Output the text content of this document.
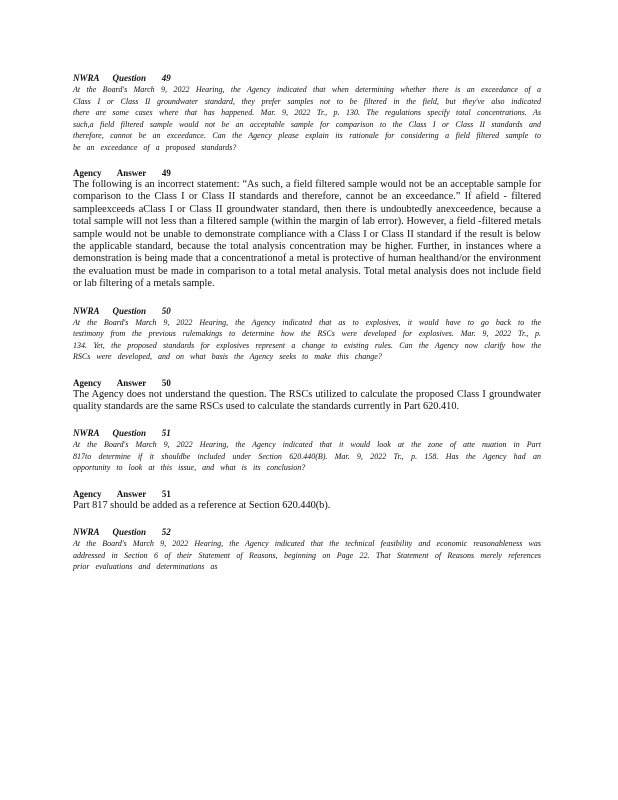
NWRA      Question       49

At the Board's March 9, 2022 Hearing, the Agency indicated that when determining whether there is an exceedance of a Class I or Class II groundwater standard, they prefer samples not to be filtered in the field, but they've also indicated there are some cases where that has happened. Mar. 9, 2022 Tr., p. 130. The regulations specify total concentrations. As such,a field filtered sample would not be an acceptable sample for comparison to the Class I or Class II standards and therefore, cannot be an exceedance. Can the Agency please explain its rationale for considering a field filtered sample to be an exceedance of a proposed standards?

Agency       Answer       49

The following is an incorrect statement: “As such, a field filtered sample would not be an acceptable sample for comparison to the Class I or Class II standards and therefore, cannot be an exceedance.” If afield - filtered sampleexceeds aClass I or Class II groundwater standard, then there is undoubtedly anexceedence, because a total sample will not less than a filtered sample (within the margin of lab error). However, a field -filtered metals sample would not be unable to demonstrate compliance with a Class I or Class II standard if the result is below the applicable standard, because the total analysis concentration may be higher. Further, in instances where a demonstration is being made that a concentrationof a metal is protective of human healthand/or the environment the evaluation must be made in comparison to a total metal analysis. Total metal analysis does not include field or lab filtering of a metals sample.

NWRA      Question       50

At the Board's March 9, 2022 Hearing, the Agency indicated that as to explosives, it would have to go back to the testimony from the previous rulemakings to determine how the RSCs were developed for explosives. Mar. 9, 2022 Tr., p. 134. Yet, the proposed standards for explosives represent a change to existing rules. Can the Agency now clarify how the RSCs were developed, and on what basis the Agency seeks to make this change?

Agency       Answer       50

The Agency does not understand the question. The RSCs utilized to calculate the proposed Class I groundwater quality standards are the same RSCs used to calculate the standards currently in Part 620.410.

NWRA      Question       51

At the Board's March 9, 2022 Hearing, the Agency indicated that it would look at the zone of atte nuation in Part 817to determine if it shouldbe included under Section 620.440(B). Mar. 9, 2022 Tr., p. 158. Has the Agency had an opportunity to look at this issue, and what is its conclusion?

Agency       Answer       51

Part 817 should be added as a reference at Section 620.440(b).

NWRA      Question       52

At the Board's March 9, 2022 Hearing, the Agency indicated that the technical feasibility and economic reasonableness was addressed in Section 6 of their Statement of Reasons, beginning on Page 22. That Statement of Reasons merely references prior evaluations and determinations as
